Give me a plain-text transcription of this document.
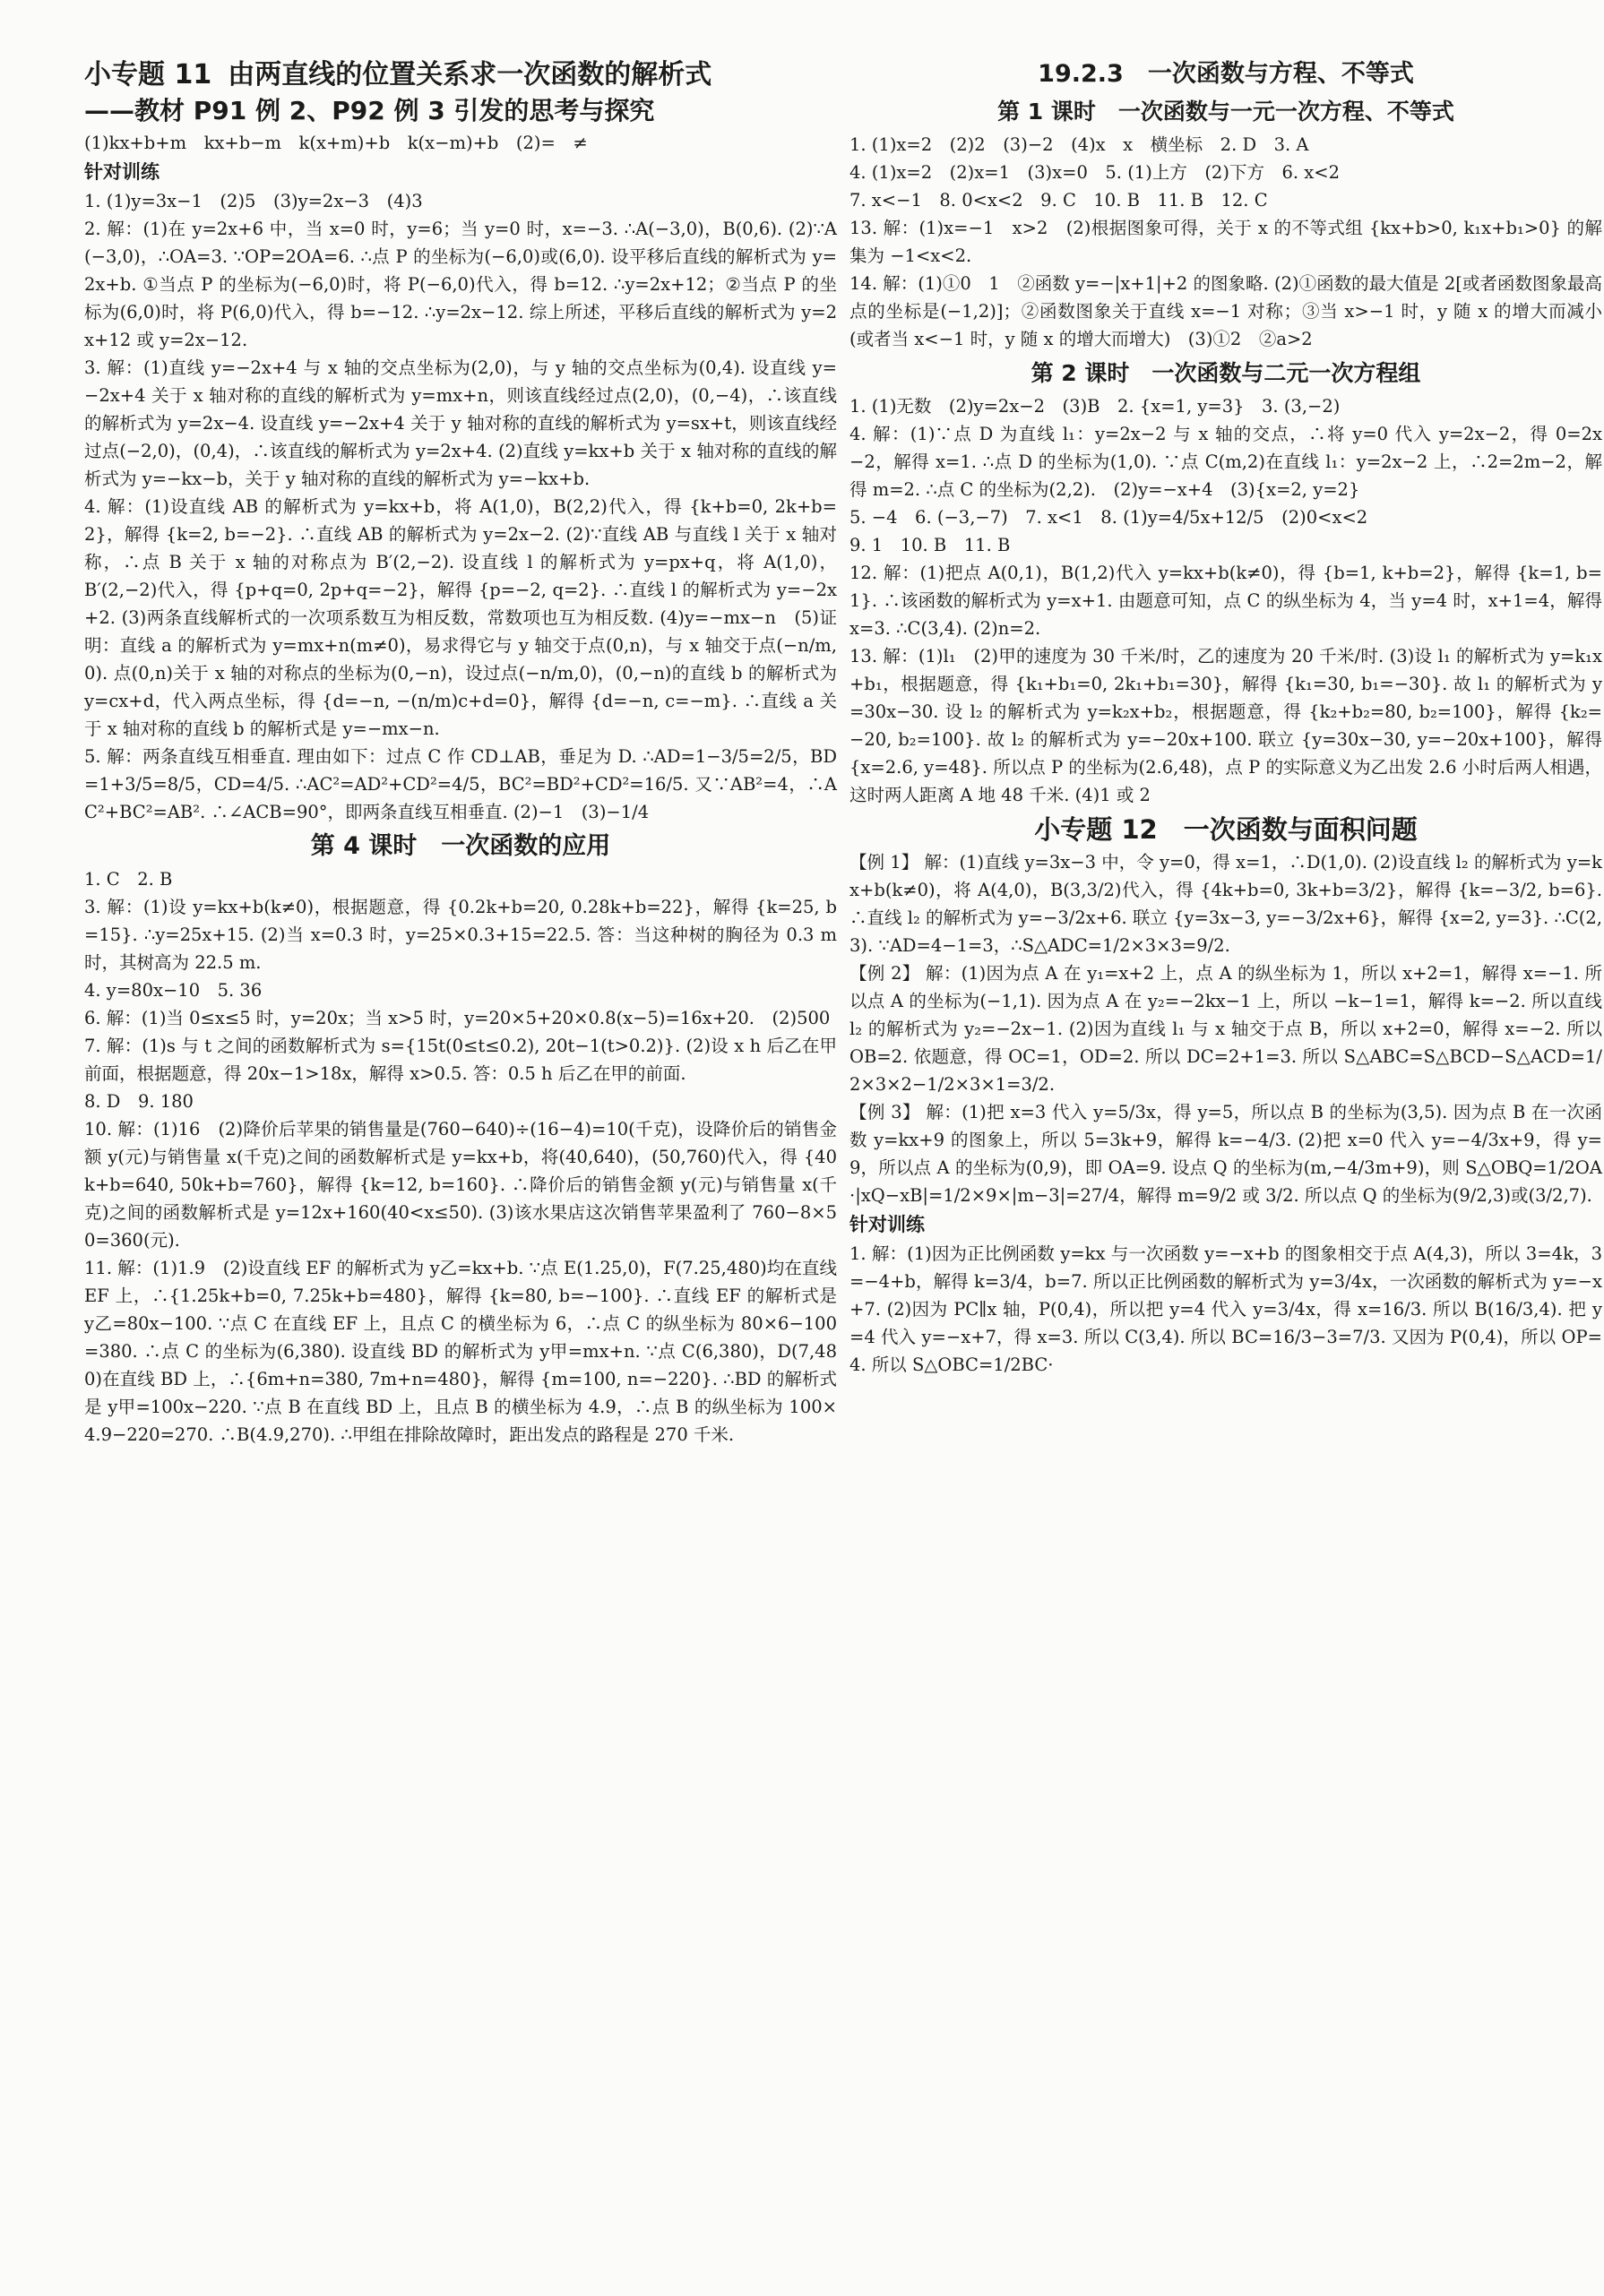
小专题 11 由两直线的位置关系求一次函数的解析式
——教材 P91 例 2、P92 例 3 引发的思考与探究

(1)kx+b+m　kx+b−m　k(x+m)+b　k(x−m)+b　(2)=　≠

针对训练

1. (1)y=3x−1　(2)5　(3)y=2x−3　(4)3

2. 解：(1)在 y=2x+6 中，当 x=0 时，y=6；当 y=0 时，x=−3. ∴A(−3,0)，B(0,6). (2)∵A(−3,0)，∴OA=3. ∵OP=2OA=6. ∴点 P 的坐标为(−6,0)或(6,0). 设平移后直线的解析式为 y=2x+b. ①当点 P 的坐标为(−6,0)时，将 P(−6,0)代入，得 b=12. ∴y=2x+12；②当点 P 的坐标为(6,0)时，将 P(6,0)代入，得 b=−12. ∴y=2x−12. 综上所述，平移后直线的解析式为 y=2x+12 或 y=2x−12.

3. 解：(1)直线 y=−2x+4 与 x 轴的交点坐标为(2,0)，与 y 轴的交点坐标为(0,4). 设直线 y=−2x+4 关于 x 轴对称的直线的解析式为 y=mx+n，则该直线经过点(2,0)，(0,−4)，∴该直线的解析式为 y=2x−4. 设直线 y=−2x+4 关于 y 轴对称的直线的解析式为 y=sx+t，则该直线经过点(−2,0)，(0,4)，∴该直线的解析式为 y=2x+4. (2)直线 y=kx+b 关于 x 轴对称的直线的解析式为 y=−kx−b，关于 y 轴对称的直线的解析式为 y=−kx+b.

4. 解：(1)设直线 AB 的解析式为 y=kx+b，将 A(1,0)，B(2,2)代入，得 {k+b=0, 2k+b=2}，解得 {k=2, b=−2}. ∴直线 AB 的解析式为 y=2x−2. (2)∵直线 AB 与直线 l 关于 x 轴对称，∴点 B 关于 x 轴的对称点为 B′(2,−2). 设直线 l 的解析式为 y=px+q，将 A(1,0)，B′(2,−2)代入，得 {p+q=0, 2p+q=−2}，解得 {p=−2, q=2}. ∴直线 l 的解析式为 y=−2x+2. (3)两条直线解析式的一次项系数互为相反数，常数项也互为相反数. (4)y=−mx−n　(5)证明：直线 a 的解析式为 y=mx+n(m≠0)，易求得它与 y 轴交于点(0,n)，与 x 轴交于点(−n/m,0). 点(0,n)关于 x 轴的对称点的坐标为(0,−n)，设过点(−n/m,0)，(0,−n)的直线 b 的解析式为 y=cx+d，代入两点坐标，得 {d=−n, −(n/m)c+d=0}，解得 {d=−n, c=−m}. ∴直线 a 关于 x 轴对称的直线 b 的解析式是 y=−mx−n.

5. 解：两条直线互相垂直. 理由如下：过点 C 作 CD⊥AB，垂足为 D. ∴AD=1−3/5=2/5，BD=1+3/5=8/5，CD=4/5. ∴AC²=AD²+CD²=4/5，BC²=BD²+CD²=16/5. 又∵AB²=4，∴AC²+BC²=AB². ∴∠ACB=90°，即两条直线互相垂直. (2)−1　(3)−1/4

第 4 课时　一次函数的应用

1. C　2. B

3. 解：(1)设 y=kx+b(k≠0)，根据题意，得 {0.2k+b=20, 0.28k+b=22}，解得 {k=25, b=15}. ∴y=25x+15. (2)当 x=0.3 时，y=25×0.3+15=22.5. 答：当这种树的胸径为 0.3 m 时，其树高为 22.5 m.

4. y=80x−10　5. 36

6. 解：(1)当 0≤x≤5 时，y=20x；当 x>5 时，y=20×5+20×0.8(x−5)=16x+20.　(2)500

7. 解：(1)s 与 t 之间的函数解析式为 s={15t(0≤t≤0.2), 20t−1(t>0.2)}. (2)设 x h 后乙在甲前面，根据题意，得 20x−1>18x，解得 x>0.5. 答：0.5 h 后乙在甲的前面.

8. D　9. 180

10. 解：(1)16　(2)降价后苹果的销售量是(760−640)÷(16−4)=10(千克)，设降价后的销售金额 y(元)与销售量 x(千克)之间的函数解析式是 y=kx+b，将(40,640)，(50,760)代入，得 {40k+b=640, 50k+b=760}，解得 {k=12, b=160}. ∴降价后的销售金额 y(元)与销售量 x(千克)之间的函数解析式是 y=12x+160(40<x≤50). (3)该水果店这次销售苹果盈利了 760−8×50=360(元).

11. 解：(1)1.9　(2)设直线 EF 的解析式为 y乙=kx+b. ∵点 E(1.25,0)，F(7.25,480)均在直线 EF 上，∴{1.25k+b=0, 7.25k+b=480}，解得 {k=80, b=−100}. ∴直线 EF 的解析式是 y乙=80x−100. ∵点 C 在直线 EF 上，且点 C 的横坐标为 6，∴点 C 的纵坐标为 80×6−100=380. ∴点 C 的坐标为(6,380). 设直线 BD 的解析式为 y甲=mx+n. ∵点 C(6,380)，D(7,480)在直线 BD 上，∴{6m+n=380, 7m+n=480}，解得 {m=100, n=−220}. ∴BD 的解析式是 y甲=100x−220. ∵点 B 在直线 BD 上，且点 B 的横坐标为 4.9，∴点 B 的纵坐标为 100×4.9−220=270. ∴B(4.9,270). ∴甲组在排除故障时，距出发点的路程是 270 千米.

19.2.3　一次函数与方程、不等式
第 1 课时　一次函数与一元一次方程、不等式

1. (1)x=2　(2)2　(3)−2　(4)x　x　横坐标　2. D　3. A

4. (1)x=2　(2)x=1　(3)x=0　5. (1)上方　(2)下方　6. x<2

7. x<−1　8. 0<x<2　9. C　10. B　11. B　12. C

13. 解：(1)x=−1　x>2　(2)根据图象可得，关于 x 的不等式组 {kx+b>0, k₁x+b₁>0} 的解集为 −1<x<2.

14. 解：(1)①0　1　②函数 y=−|x+1|+2 的图象略. (2)①函数的最大值是 2[或者函数图象最高点的坐标是(−1,2)]；②函数图象关于直线 x=−1 对称；③当 x>−1 时，y 随 x 的增大而减小(或者当 x<−1 时，y 随 x 的增大而增大)　(3)①2　②a>2

第 2 课时　一次函数与二元一次方程组

1. (1)无数　(2)y=2x−2　(3)B　2. {x=1, y=3}　3. (3,−2)

4. 解：(1)∵点 D 为直线 l₁：y=2x−2 与 x 轴的交点，∴将 y=0 代入 y=2x−2，得 0=2x−2，解得 x=1. ∴点 D 的坐标为(1,0). ∵点 C(m,2)在直线 l₁：y=2x−2 上，∴2=2m−2，解得 m=2. ∴点 C 的坐标为(2,2).　(2)y=−x+4　(3){x=2, y=2}

5. −4　6. (−3,−7)　7. x<1　8. (1)y=4/5x+12/5　(2)0<x<2

9. 1　10. B　11. B

12. 解：(1)把点 A(0,1)，B(1,2)代入 y=kx+b(k≠0)，得 {b=1, k+b=2}，解得 {k=1, b=1}. ∴该函数的解析式为 y=x+1. 由题意可知，点 C 的纵坐标为 4，当 y=4 时，x+1=4，解得 x=3. ∴C(3,4). (2)n=2.

13. 解：(1)l₁　(2)甲的速度为 30 千米/时，乙的速度为 20 千米/时. (3)设 l₁ 的解析式为 y=k₁x+b₁，根据题意，得 {k₁+b₁=0, 2k₁+b₁=30}，解得 {k₁=30, b₁=−30}. 故 l₁ 的解析式为 y=30x−30. 设 l₂ 的解析式为 y=k₂x+b₂，根据题意，得 {k₂+b₂=80, b₂=100}，解得 {k₂=−20, b₂=100}. 故 l₂ 的解析式为 y=−20x+100. 联立 {y=30x−30, y=−20x+100}，解得 {x=2.6, y=48}. 所以点 P 的坐标为(2.6,48)，点 P 的实际意义为乙出发 2.6 小时后两人相遇，这时两人距离 A 地 48 千米. (4)1 或 2

小专题 12　一次函数与面积问题

【例 1】 解：(1)直线 y=3x−3 中，令 y=0，得 x=1，∴D(1,0). (2)设直线 l₂ 的解析式为 y=kx+b(k≠0)，将 A(4,0)，B(3,3/2)代入，得 {4k+b=0, 3k+b=3/2}，解得 {k=−3/2, b=6}. ∴直线 l₂ 的解析式为 y=−3/2x+6. 联立 {y=3x−3, y=−3/2x+6}，解得 {x=2, y=3}. ∴C(2,3). ∵AD=4−1=3，∴S△ADC=1/2×3×3=9/2.

【例 2】 解：(1)因为点 A 在 y₁=x+2 上，点 A 的纵坐标为 1，所以 x+2=1，解得 x=−1. 所以点 A 的坐标为(−1,1). 因为点 A 在 y₂=−2kx−1 上，所以 −k−1=1，解得 k=−2. 所以直线 l₂ 的解析式为 y₂=−2x−1. (2)因为直线 l₁ 与 x 轴交于点 B，所以 x+2=0，解得 x=−2. 所以 OB=2. 依题意，得 OC=1，OD=2. 所以 DC=2+1=3. 所以 S△ABC=S△BCD−S△ACD=1/2×3×2−1/2×3×1=3/2.

【例 3】 解：(1)把 x=3 代入 y=5/3x，得 y=5，所以点 B 的坐标为(3,5). 因为点 B 在一次函数 y=kx+9 的图象上，所以 5=3k+9，解得 k=−4/3. (2)把 x=0 代入 y=−4/3x+9，得 y=9，所以点 A 的坐标为(0,9)，即 OA=9. 设点 Q 的坐标为(m,−4/3m+9)，则 S△OBQ=1/2OA·|xQ−xB|=1/2×9×|m−3|=27/4，解得 m=9/2 或 3/2. 所以点 Q 的坐标为(9/2,3)或(3/2,7).

针对训练

1. 解：(1)因为正比例函数 y=kx 与一次函数 y=−x+b 的图象相交于点 A(4,3)，所以 3=4k，3=−4+b，解得 k=3/4，b=7. 所以正比例函数的解析式为 y=3/4x，一次函数的解析式为 y=−x+7. (2)因为 PC∥x 轴，P(0,4)，所以把 y=4 代入 y=3/4x，得 x=16/3. 所以 B(16/3,4). 把 y=4 代入 y=−x+7，得 x=3. 所以 C(3,4). 所以 BC=16/3−3=7/3. 又因为 P(0,4)，所以 OP=4. 所以 S△OBC=1/2BC·
